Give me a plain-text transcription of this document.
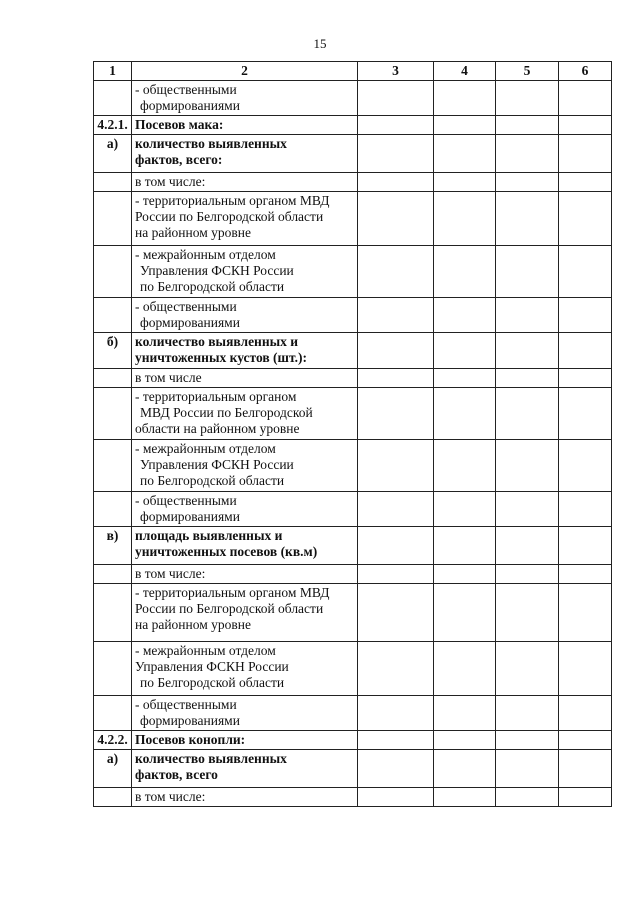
15
1	2	3	4	5	6

	- общественными
формированиями				

4.2.1.	Посевов мака:				

а)	количество выявленных
фактов, всего:				

	в том числе:				

	- территориальным органом МВД
России по Белгородской области
на районном уровне				

	- межрайонным отделом
Управления ФСКН России
по Белгородской области				

	- общественными
формированиями				

б)	количество выявленных и
уничтоженных кустов (шт.):				

	в том числе				

	- территориальным органом
МВД России по Белгородской
области на районном уровне				

	- межрайонным отделом
Управления ФСКН России
по Белгородской области				

	- общественными
формированиями				

в)	площадь выявленных и
уничтоженных посевов (кв.м)				

	в том числе:				

	- территориальным органом МВД
России по Белгородской области
на районном уровне				

	- межрайонным отделом
Управления ФСКН России
по Белгородской области				

	- общественными
формированиями				

4.2.2.	Посевов конопли:				

а)	количество выявленных
фактов, всего				

	в том числе:				
